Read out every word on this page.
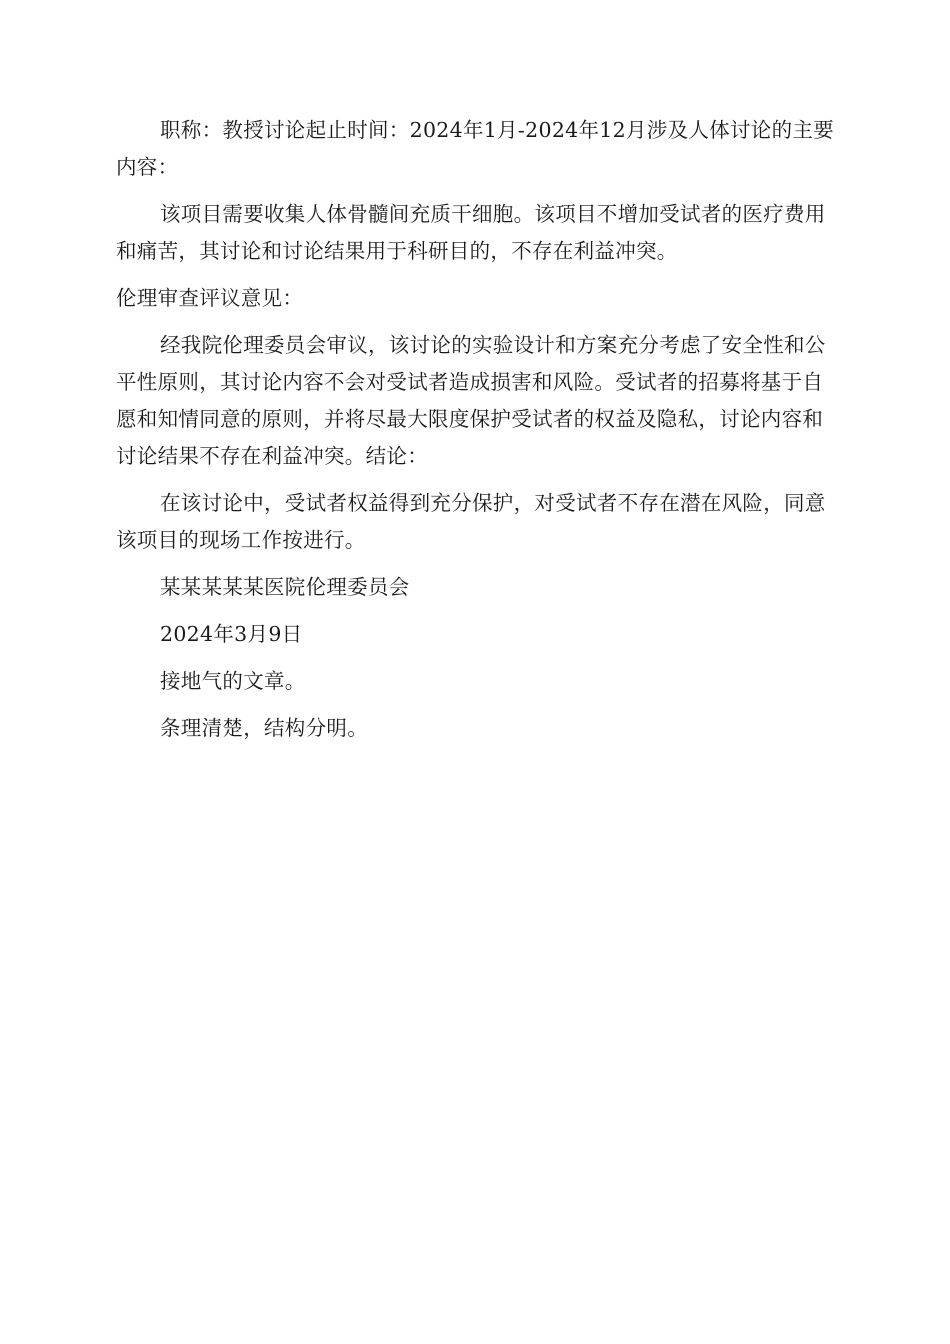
职称：教授讨论起止时间：2024年1月-2024年12月涉及人体讨论的主要内容：

该项目需要收集人体骨髓间充质干细胞。该项目不增加受试者的医疗费用和痛苦，其讨论和讨论结果用于科研目的，不存在利益冲突。

伦理审查评议意见：

经我院伦理委员会审议，该讨论的实验设计和方案充分考虑了安全性和公平性原则，其讨论内容不会对受试者造成损害和风险。受试者的招募将基于自愿和知情同意的原则，并将尽最大限度保护受试者的权益及隐私，讨论内容和讨论结果不存在利益冲突。结论：

在该讨论中，受试者权益得到充分保护，对受试者不存在潜在风险，同意该项目的现场工作按进行。

某某某某某医院伦理委员会

2024年3月9日

接地气的文章。

条理清楚，结构分明。
